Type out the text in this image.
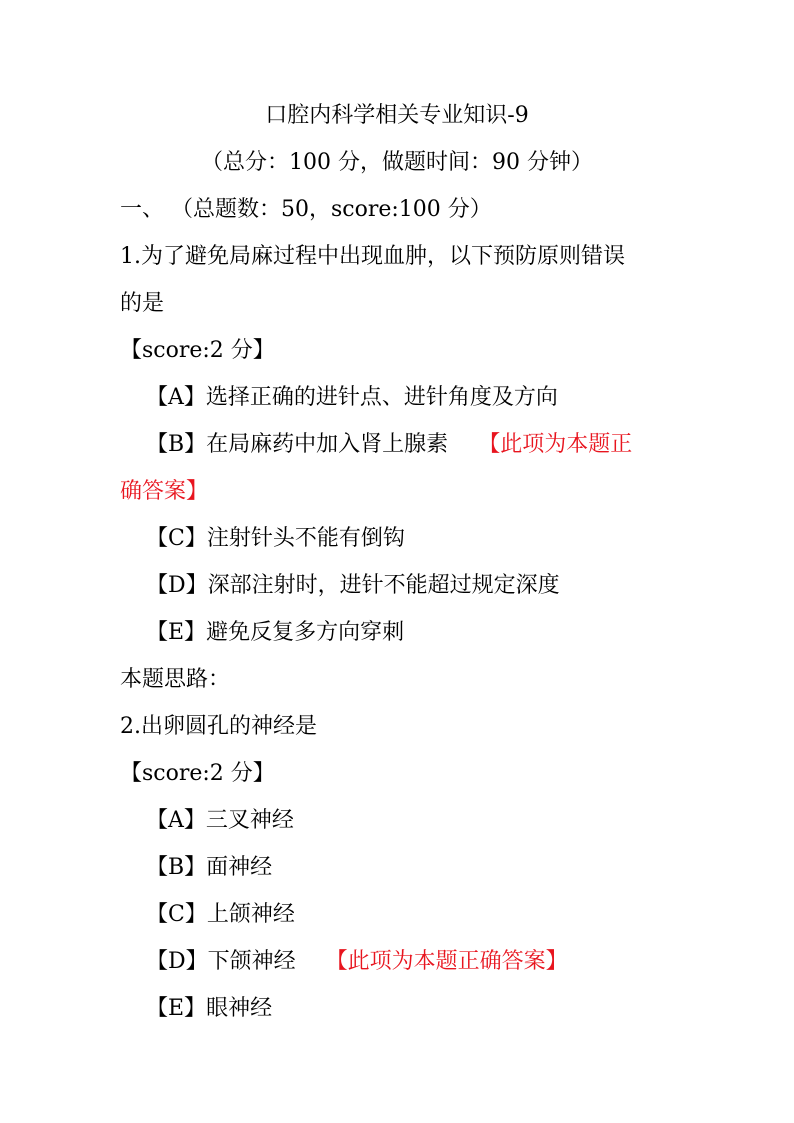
口腔内科学相关专业知识-9
（总分：100 分，做题时间：90 分钟）
一、 （总题数：50，score:100 分）
1.为了避免局麻过程中出现血肿，以下预防原则错误
的是
【score:2 分】
【A】选择正确的进针点、进针角度及方向
【B】在局麻药中加入肾上腺素 【此项为本题正
确答案】
【C】注射针头不能有倒钩
【D】深部注射时，进针不能超过规定深度
【E】避免反复多方向穿刺
本题思路：
2.出卵圆孔的神经是
【score:2 分】
【A】三叉神经
【B】面神经
【C】上颌神经
【D】下颌神经 【此项为本题正确答案】
【E】眼神经
